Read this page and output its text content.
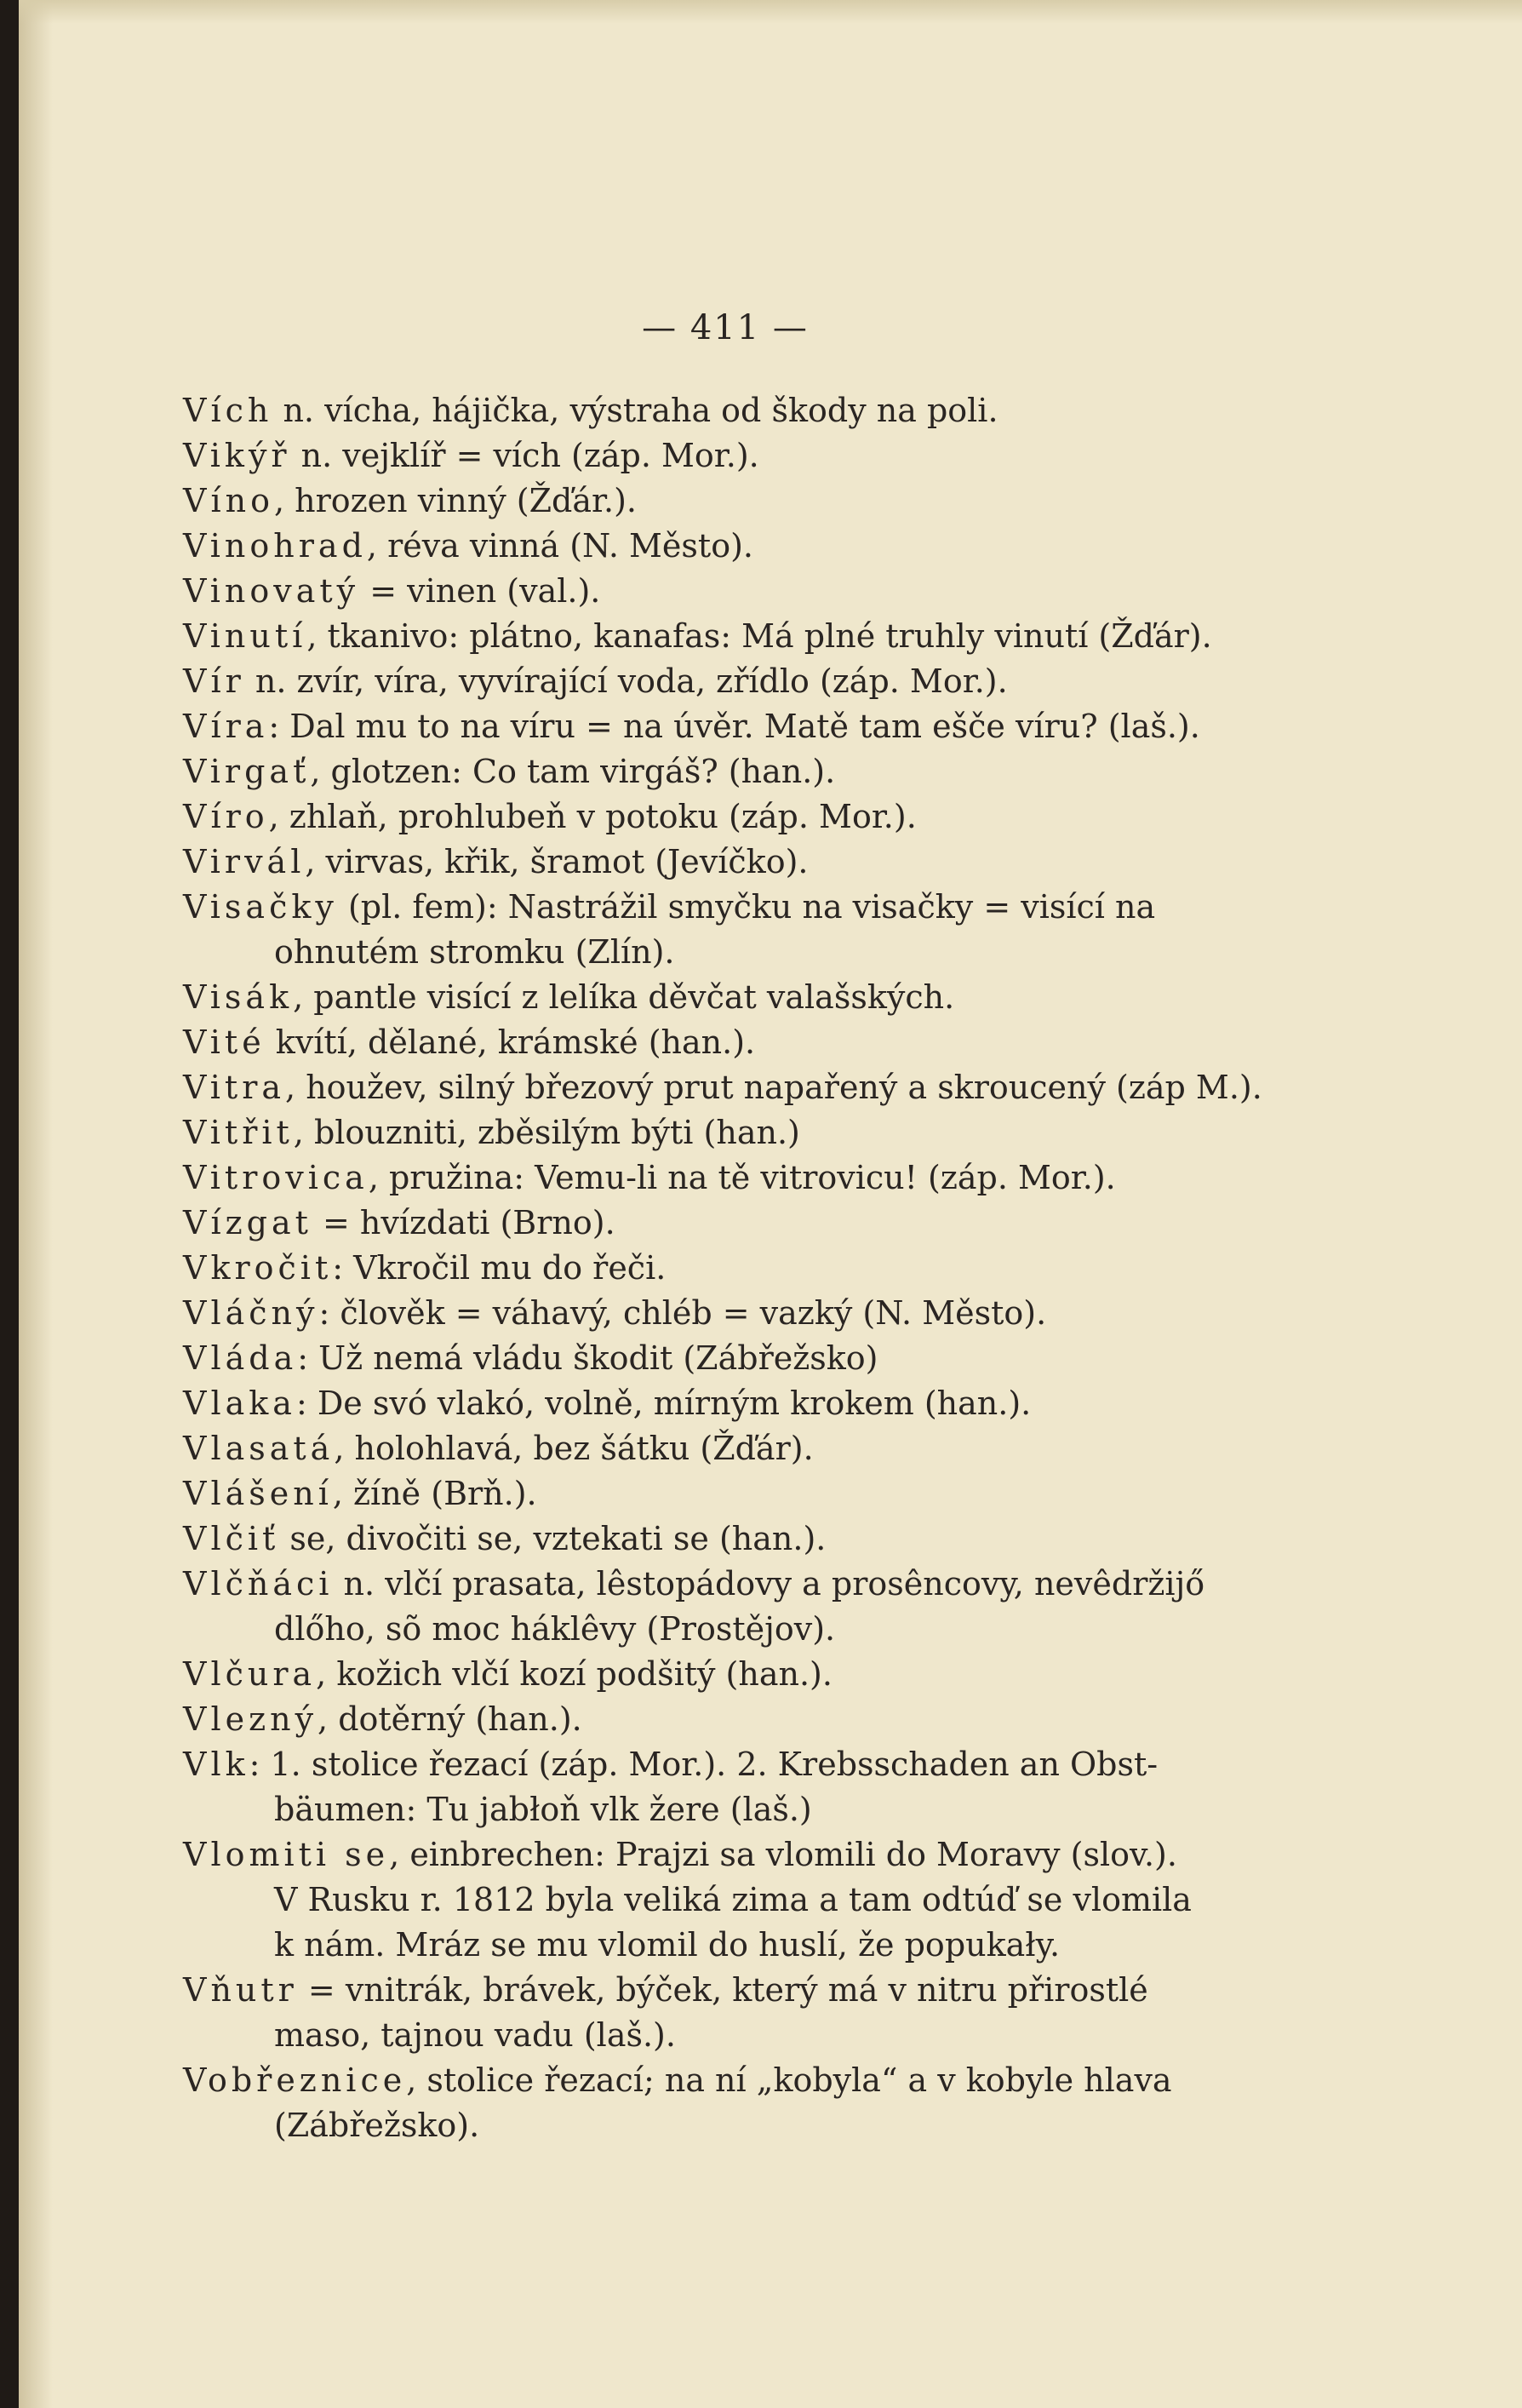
— 411 —
Vích n. vícha, hájička, výstraha od škody na poli.
Vikýř n. vejklíř = vích (záp. Mor.).
Víno, hrozen vinný (Žďár.).
Vinohrad, réva vinná (N. Město).
Vinovatý = vinen (val.).
Vinutí, tkanivo: plátno, kanafas: Má plné truhly vinutí (Žďár).
Vír n. zvír, víra, vyvírající voda, zřídlo (záp. Mor.).
Víra: Dal mu to na víru = na úvěr. Matě tam ešče víru? (laš.).
Virgať, glotzen: Co tam virgáš? (han.).
Víro, zhlaň, prohlubeň v potoku (záp. Mor.).
Virvál, virvas, křik, šramot (Jevíčko).
Visačky (pl. fem): Nastrážil smyčku na visačky = visící na
ohnutém stromku (Zlín).
Visák, pantle visící z lelíka děvčat valašských.
Vité kvítí, dělané, krámské (han.).
Vitra, houžev, silný březový prut napařený a skroucený (záp M.).
Vitřit, blouzniti, zběsilým býti (han.)
Vitrovica, pružina: Vemu-li na tě vitrovicu! (záp. Mor.).
Vízgat = hvízdati (Brno).
Vkročit: Vkročil mu do řeči.
Vláčný: člověk = váhavý, chléb = vazký (N. Město).
Vláda: Už nemá vládu škodit (Zábřežsko)
Vlaka: De svó vlakó, volně, mírným krokem (han.).
Vlasatá, holohlavá, bez šátku (Žďár).
Vlášení, žíně (Brň.).
Vlčiť se, divočiti se, vztekati se (han.).
Vlčňáci n. vlčí prasata, lêstopádovy a prosêncovy, nevêdržijő
dlőho, sõ moc háklêvy (Prostějov).
Vlčura, kožich vlčí kozí podšitý (han.).
Vlezný, dotěrný (han.).
Vlk: 1. stolice řezací (záp. Mor.). 2. Krebsschaden an Obst-
bäumen: Tu jabłoň vlk žere (laš.)
Vlomiti se, einbrechen: Prajzi sa vlomili do Moravy (slov.).
V Rusku r. 1812 byla veliká zima a tam odtúď se vlomila
k nám. Mráz se mu vlomil do huslí, že popukały.
Vňutr = vnitrák, brávek, býček, který má v nitru přirostlé
maso, tajnou vadu (laš.).
Vobřeznice, stolice řezací; na ní „kobyla“ a v kobyle hlava
(Zábřežsko).
